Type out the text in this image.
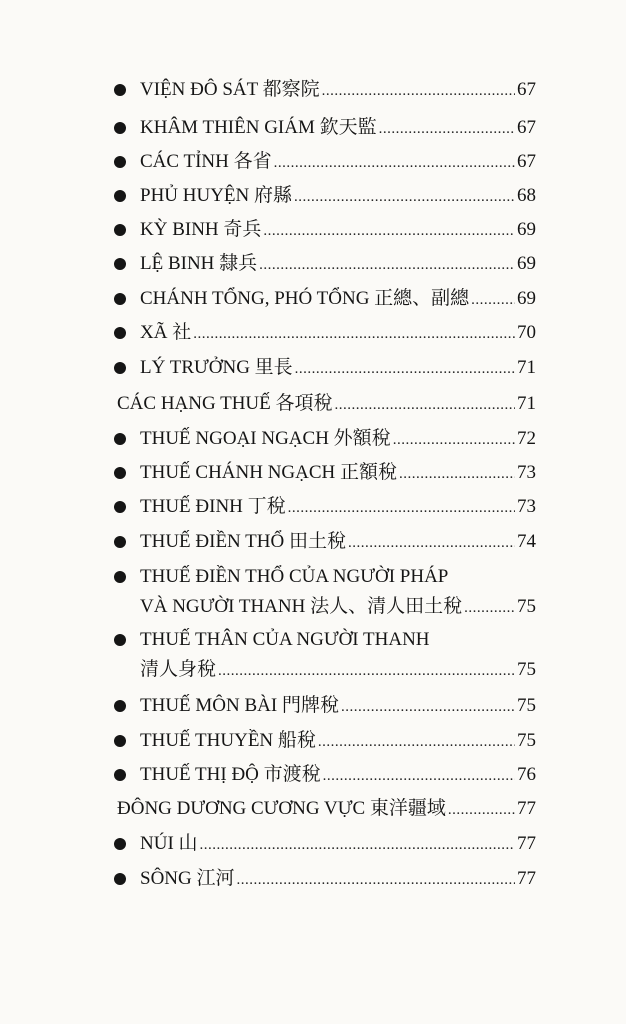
VIỆN ĐÔ SÁT 都察院 .....	67
KHÂM THIÊN GIÁM 欽天監 .....	67
CÁC TỈNH 各省 .....	67
PHỦ HUYỆN 府縣 .....	68
KỲ BINH 奇兵 .....	69
LỆ BINH 隸兵 .....	69
CHÁNH TỔNG, PHÓ TỔNG 正總、副總 .....	69
XÃ 社 .....	70
LÝ TRƯỞNG 里長 .....	71
CÁC HẠNG THUẾ 各項稅 .....	71
THUẾ NGOẠI NGẠCH 外額稅 .....	72
THUẾ CHÁNH NGẠCH 正額稅 .....	73
THUẾ ĐINH 丁稅 .....	73
THUẾ ĐIỀN THỔ 田土稅 .....	74
THUẾ ĐIỀN THỔ CỦA NGƯỜI PHÁP
VÀ NGƯỜI THANH 法人、清人田土稅 .....	75
THUẾ THÂN CỦA NGƯỜI THANH
清人身稅 .....	75
THUẾ MÔN BÀI 門牌稅 .....	75
THUẾ THUYỀN 船稅 .....	75
THUẾ THỊ ĐỘ 市渡稅 .....	76
ĐÔNG DƯƠNG CƯƠNG VỰC 東洋疆域 .....	77
NÚI 山 .....	77
SÔNG 江河 .....	77
